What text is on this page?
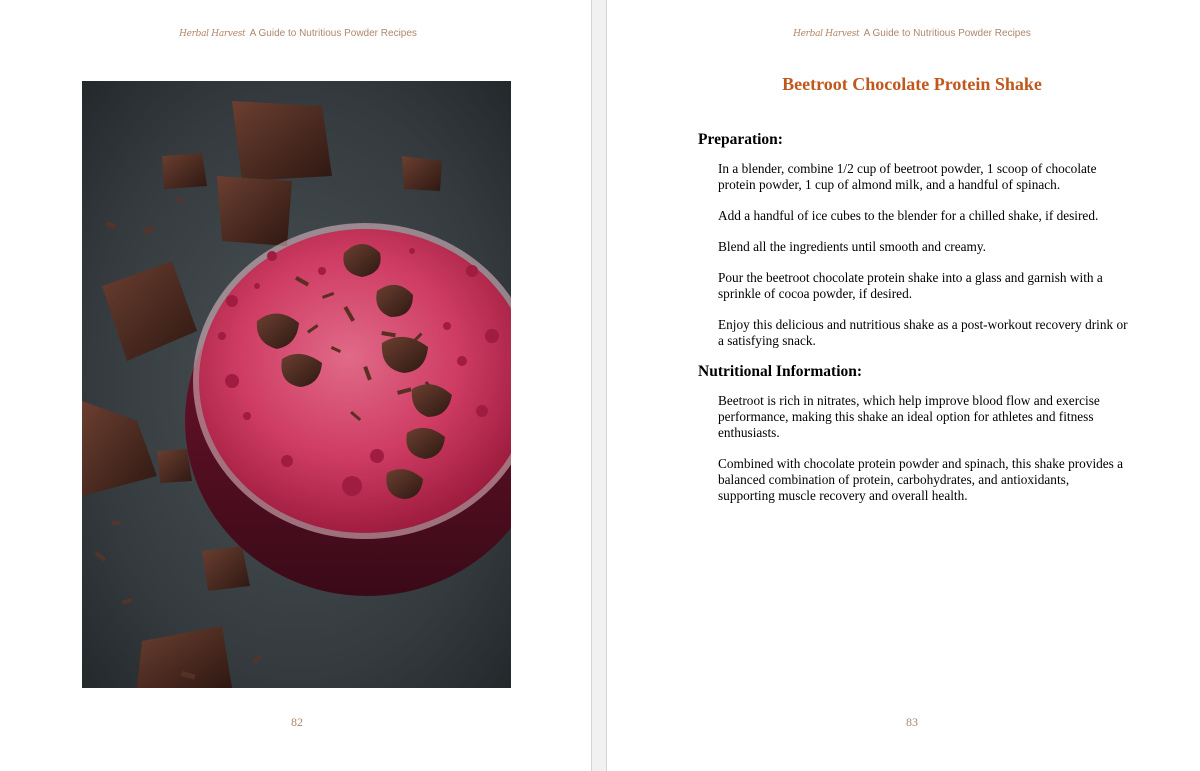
Herbal Harvest A Guide to Nutritious Powder Recipes
82
Herbal Harvest A Guide to Nutritious Powder Recipes
Beetroot Chocolate Protein Shake
Preparation:

In a blender, combine 1/2 cup of beetroot powder, 1 scoop of chocolate protein powder, 1 cup of almond milk, and a handful of spinach.

Add a handful of ice cubes to the blender for a chilled shake, if desired.

Blend all the ingredients until smooth and creamy.

Pour the beetroot chocolate protein shake into a glass and garnish with a sprinkle of cocoa powder, if desired.

Enjoy this delicious and nutritious shake as a post-workout recovery drink or a satisfying snack.

Nutritional Information:

Beetroot is rich in nitrates, which help improve blood flow and exercise performance, making this shake an ideal option for athletes and fitness enthusiasts.

Combined with chocolate protein powder and spinach, this shake provides a balanced combination of protein, carbohydrates, and antioxidants, supporting muscle recovery and overall health.

83
